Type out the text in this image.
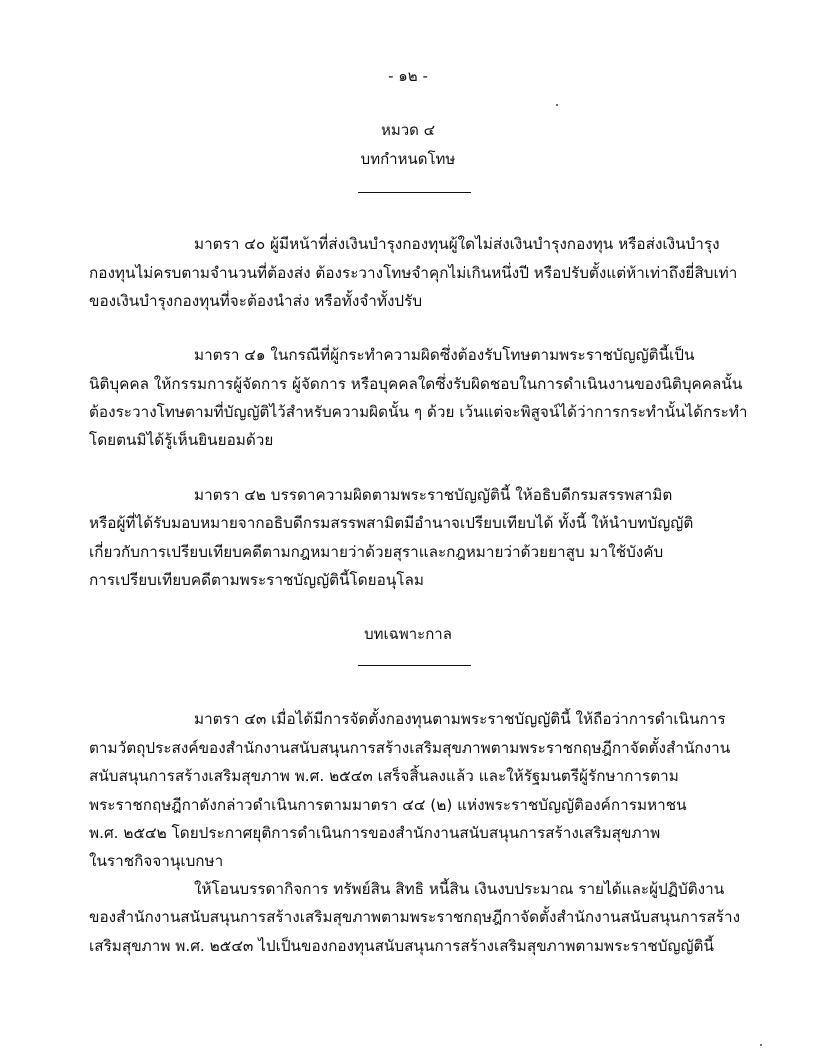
- ๑๒ -
หมวด ๔
บทกำหนดโทษ
มาตรา ๔๐ ผู้มีหน้าที่ส่งเงินบำรุงกองทุนผู้ใดไม่ส่งเงินบำรุงกองทุน หรือส่งเงินบำรุง
กองทุนไม่ครบตามจำนวนที่ต้องส่ง ต้องระวางโทษจำคุกไม่เกินหนึ่งปี หรือปรับตั้งแต่ห้าเท่าถึงยี่สิบเท่า
ของเงินบำรุงกองทุนที่จะต้องนำส่ง หรือทั้งจำทั้งปรับ
มาตรา ๔๑ ในกรณีที่ผู้กระทำความผิดซึ่งต้องรับโทษตามพระราชบัญญัตินี้เป็น
นิติบุคคล ให้กรรมการผู้จัดการ ผู้จัดการ หรือบุคคลใดซึ่งรับผิดชอบในการดำเนินงานของนิติบุคคลนั้น
ต้องระวางโทษตามที่บัญญัติไว้สำหรับความผิดนั้น ๆ ด้วย เว้นแต่จะพิสูจน์ได้ว่าการกระทำนั้นได้กระทำ
โดยตนมิได้รู้เห็นยินยอมด้วย
มาตรา ๔๒ บรรดาความผิดตามพระราชบัญญัตินี้ ให้อธิบดีกรมสรรพสามิต
หรือผู้ที่ได้รับมอบหมายจากอธิบดีกรมสรรพสามิตมีอำนาจเปรียบเทียบได้ ทั้งนี้ ให้นำบทบัญญัติ
เกี่ยวกับการเปรียบเทียบคดีตามกฎหมายว่าด้วยสุราและกฎหมายว่าด้วยยาสูบ มาใช้บังคับ
การเปรียบเทียบคดีตามพระราชบัญญัตินี้โดยอนุโลม
บทเฉพาะกาล
มาตรา ๔๓ เมื่อได้มีการจัดตั้งกองทุนตามพระราชบัญญัตินี้ ให้ถือว่าการดำเนินการ
ตามวัตถุประสงค์ของสำนักงานสนับสนุนการสร้างเสริมสุขภาพตามพระราชกฤษฎีกาจัดตั้งสำนักงาน
สนับสนุนการสร้างเสริมสุขภาพ พ.ศ. ๒๕๔๓ เสร็จสิ้นลงแล้ว และให้รัฐมนตรีผู้รักษาการตาม
พระราชกฤษฎีกาดังกล่าวดำเนินการตามมาตรา ๔๔ (๒) แห่งพระราชบัญญัติองค์การมหาชน
พ.ศ. ๒๕๔๒ โดยประกาศยุติการดำเนินการของสำนักงานสนับสนุนการสร้างเสริมสุขภาพ
ในราชกิจจานุเบกษา
ให้โอนบรรดากิจการ ทรัพย์สิน สิทธิ หนี้สิน เงินงบประมาณ รายได้และผู้ปฏิบัติงาน
ของสำนักงานสนับสนุนการสร้างเสริมสุขภาพตามพระราชกฤษฎีกาจัดตั้งสำนักงานสนับสนุนการสร้าง
เสริมสุขภาพ พ.ศ. ๒๕๔๓ ไปเป็นของกองทุนสนับสนุนการสร้างเสริมสุขภาพตามพระราชบัญญัตินี้
